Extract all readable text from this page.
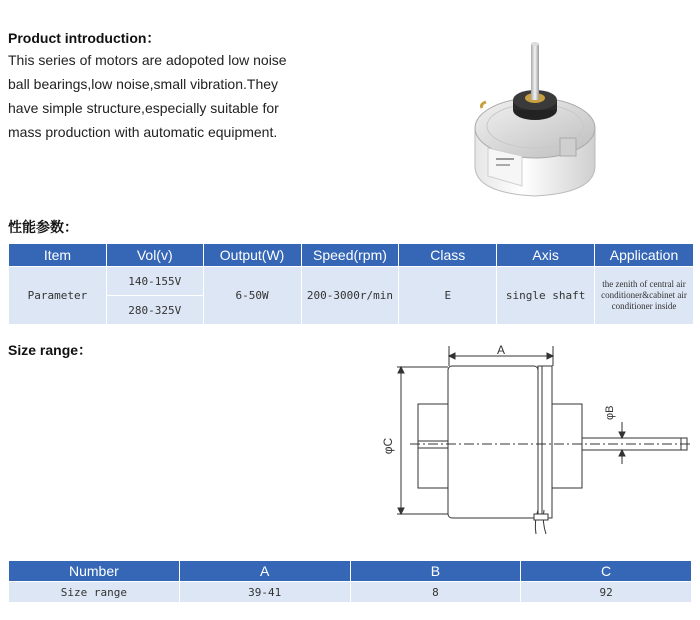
Product introduction：
This series of motors are adopoted low noise
ball bearings,low noise,small vibration.They
have simple structure,especially suitable for
mass production with automatic equipment.
性能参数：
Item	Vol(v)	Output(W)	Speed(rpm)	Class	Axis	Application
Parameter	140-155V	6-50W	200-3000r/min	E	single shaft	the zenith of central air conditioner&cabinet air conditioner inside
	280-325V					
Size range：	A
φB
φC
Number	A	B	C
Size range	39-41	8	92
